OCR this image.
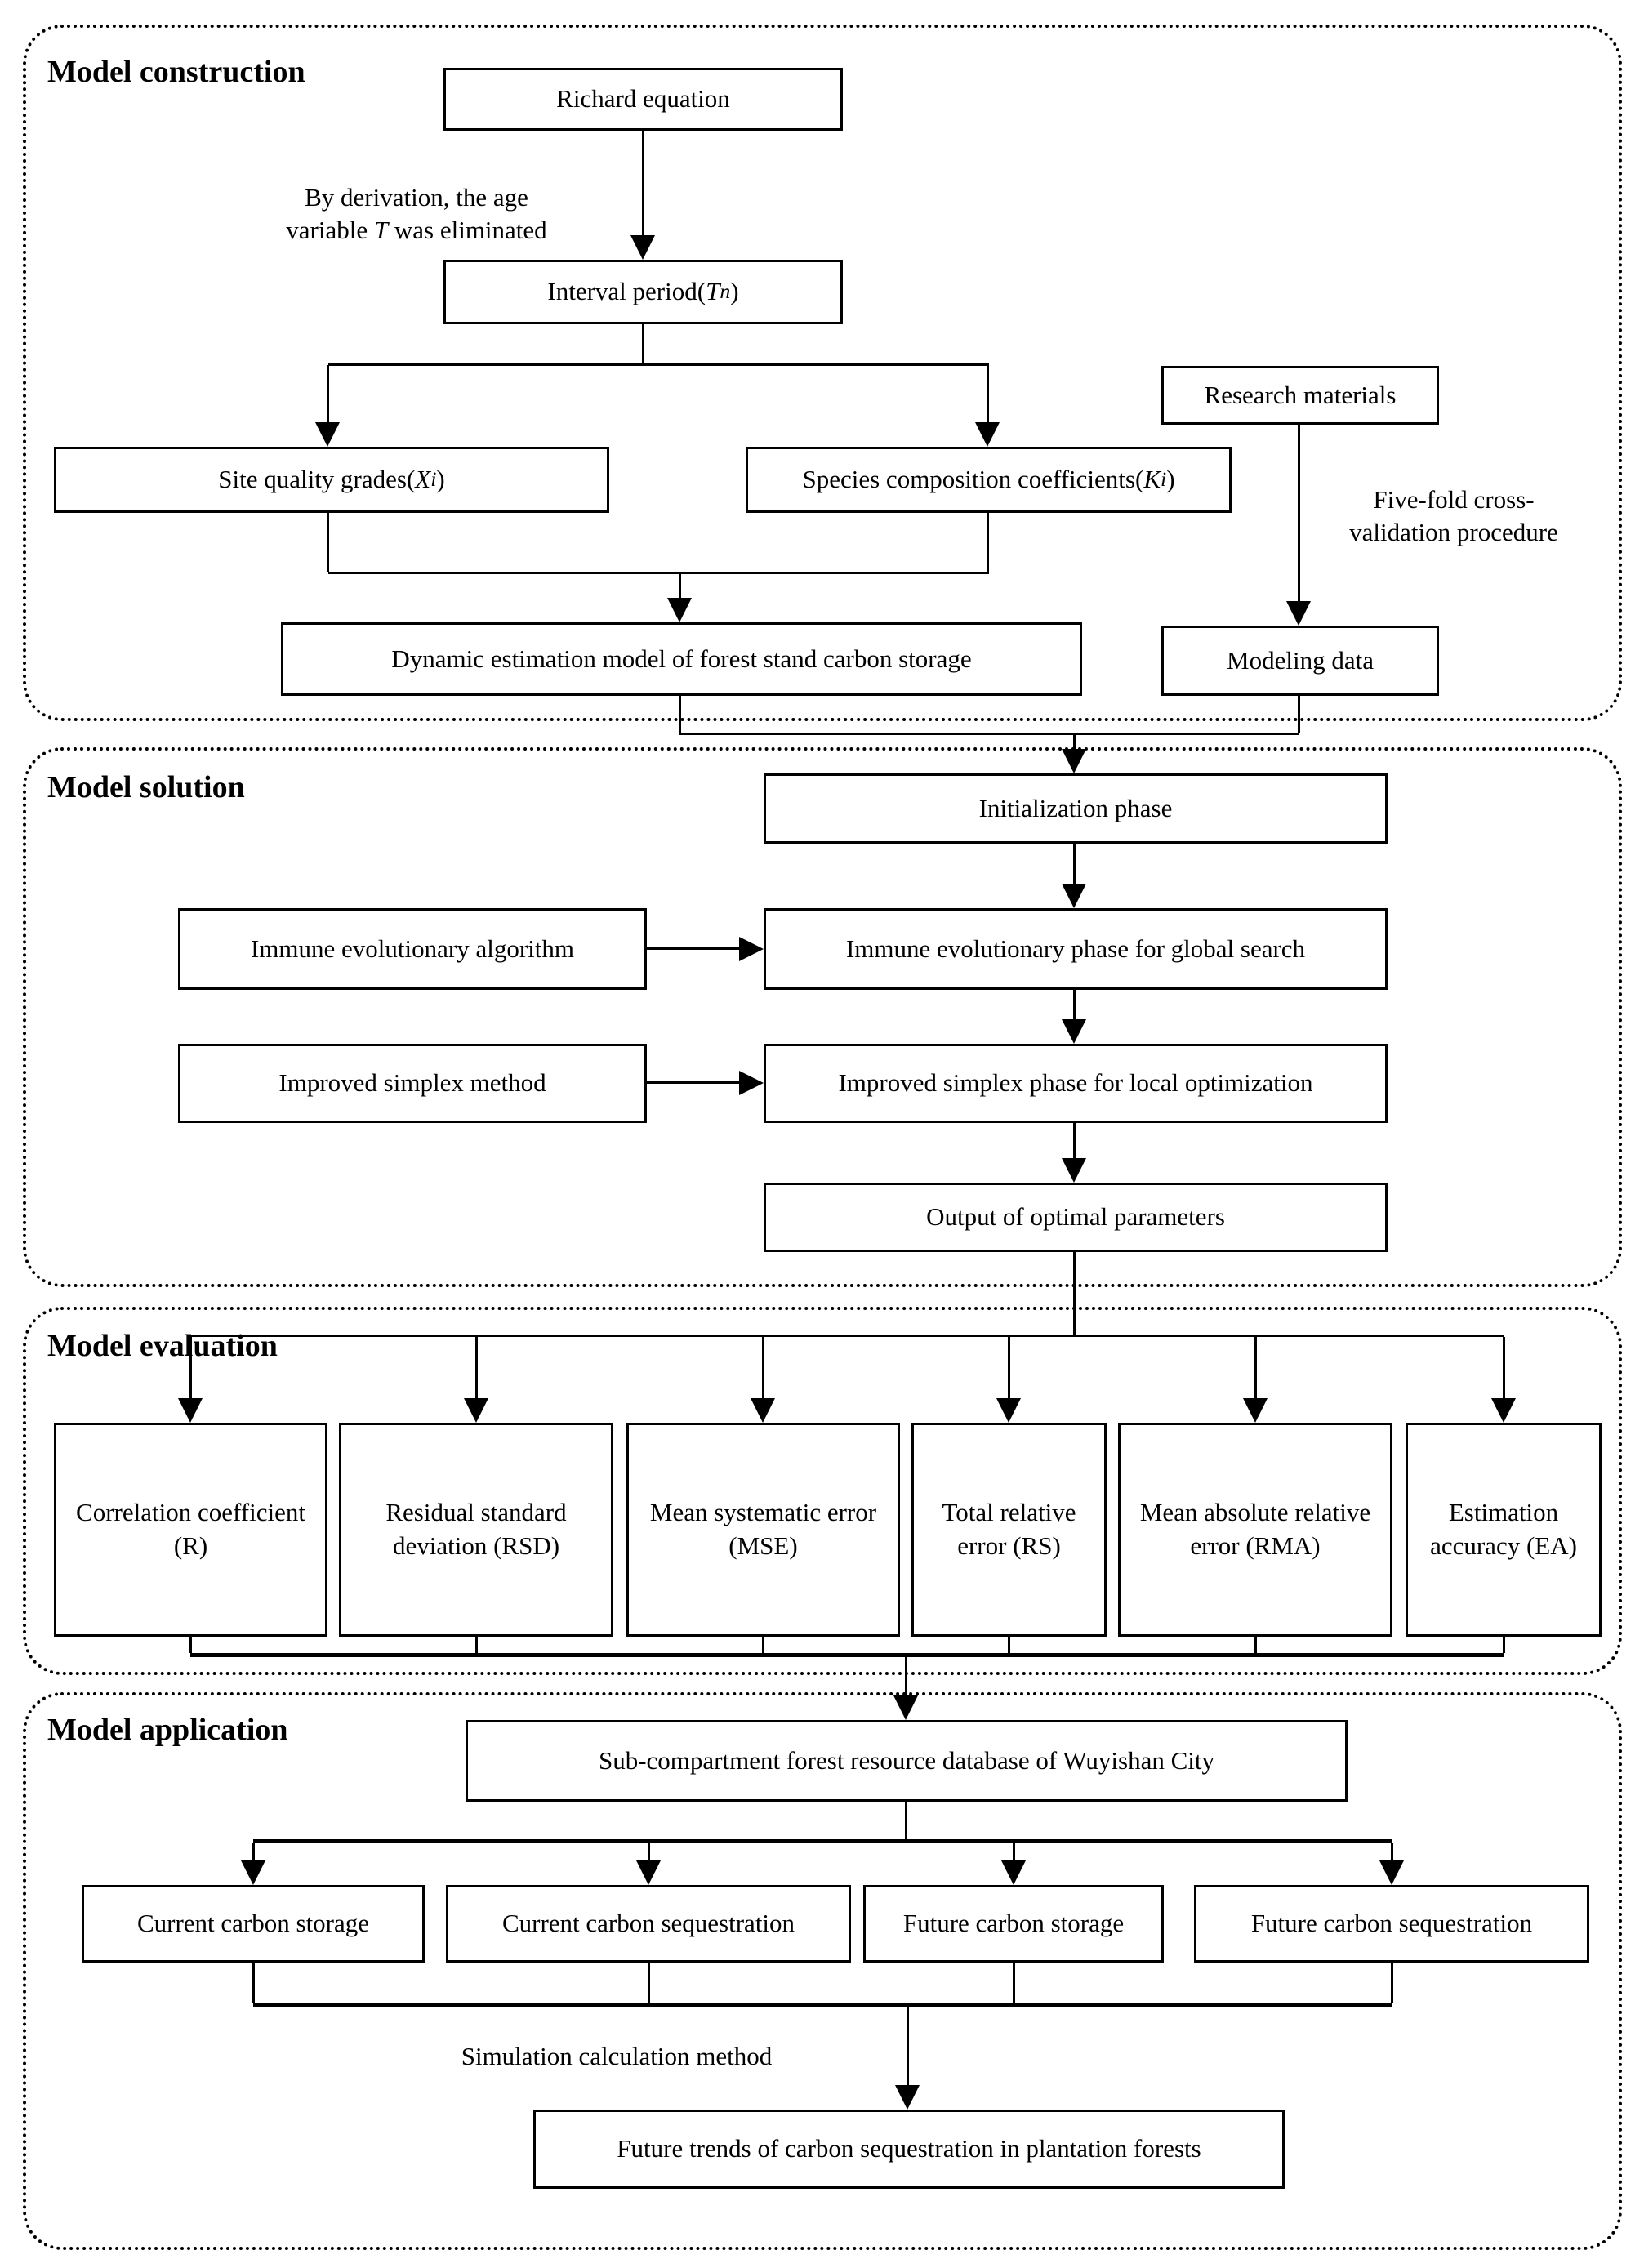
Model construction
Model solution
Model evaluation
Model application
Richard equation
By derivation, the age
variable T was eliminated
Interval period( T n )
Site quality grades( X i )	Species composition coefficients( K i )
Research materials
Five-fold cross-
validation procedure
Dynamic estimation model of forest stand carbon storage	Modeling data
Initialization phase
Immune evolutionary algorithm	Immune evolutionary phase for global search
Improved simplex method	Improved simplex phase for local optimization
Output of optimal parameters
Correlation coefficient (R)
Residual standard deviation (RSD)
Mean systematic error (MSE)
Total relative error (RS)
Mean absolute relative error (RMA)
Estimation accuracy (EA)
Sub-compartment forest resource database of Wuyishan City
Current carbon storage	Current carbon sequestration	Future carbon storage	Future carbon sequestration
Simulation calculation method
Future trends of carbon sequestration in plantation forests
